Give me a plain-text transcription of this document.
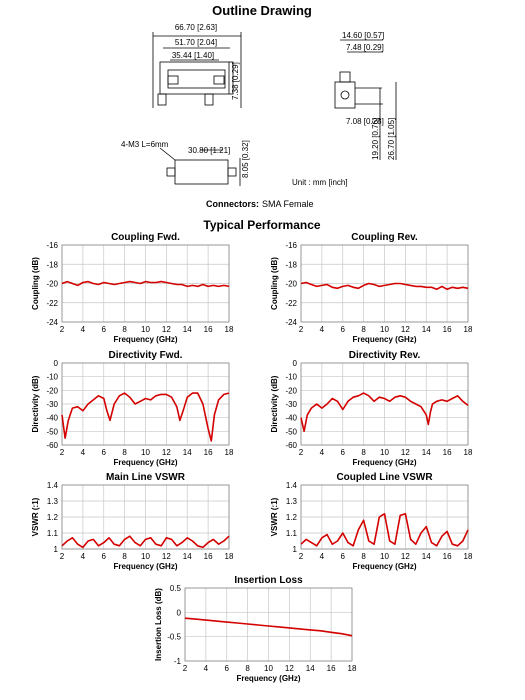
Outline Drawing
66.70 [2.63]
51.70 [2.04]
35.44 [1.40]
7.38 [0.29]
14.60 [0.57]
7.48 [0.29]
7.08 [0.28]
19.20 [0.76] 26.70 [1.05]
4-M3 L=6mm
30.80 [1.21] 8.05 [0.32]
Unit : mm [inch]
Connectors: SMA Female
Typical Performance
Coupling Fwd.
2 4 6 8 10 12 14 16 18
-16
-18
-20
-22
-24
Frequency (GHz)
Coupling (dB)
Coupling Rev.
2 4 6 8 10 12 14 16 18
-16
-18
-20
-22
-24
Frequency (GHz)
Coupling (dB)
Directivity Fwd.
2 4 6 8 10 12 14 16 18
0
-10
-20
-30
-40
-50
-60
Frequency (GHz)
Directivity (dB)
Directivity Rev.
2 4 6 8 10 12 14 16 18
0
-10
-20
-30
-40
-50
-60
Frequency (GHz)
Directivity (dB)
Main Line VSWR
2 4 6 8 10 12 14 16 18
1.4
1.3
1.2
1.1
1
Frequency (GHz)
VSWR (:1)
Coupled Line VSWR
2 4 6 8 10 12 14 16 18
1.4
1.3
1.2
1.1
1
Frequency (GHz)
VSWR (:1)
Insertion Loss
2 4 6 8 10 12 14 16 18
0.5
0
-0.5
-1
Frequency (GHz)
Insertion Loss (dB)
